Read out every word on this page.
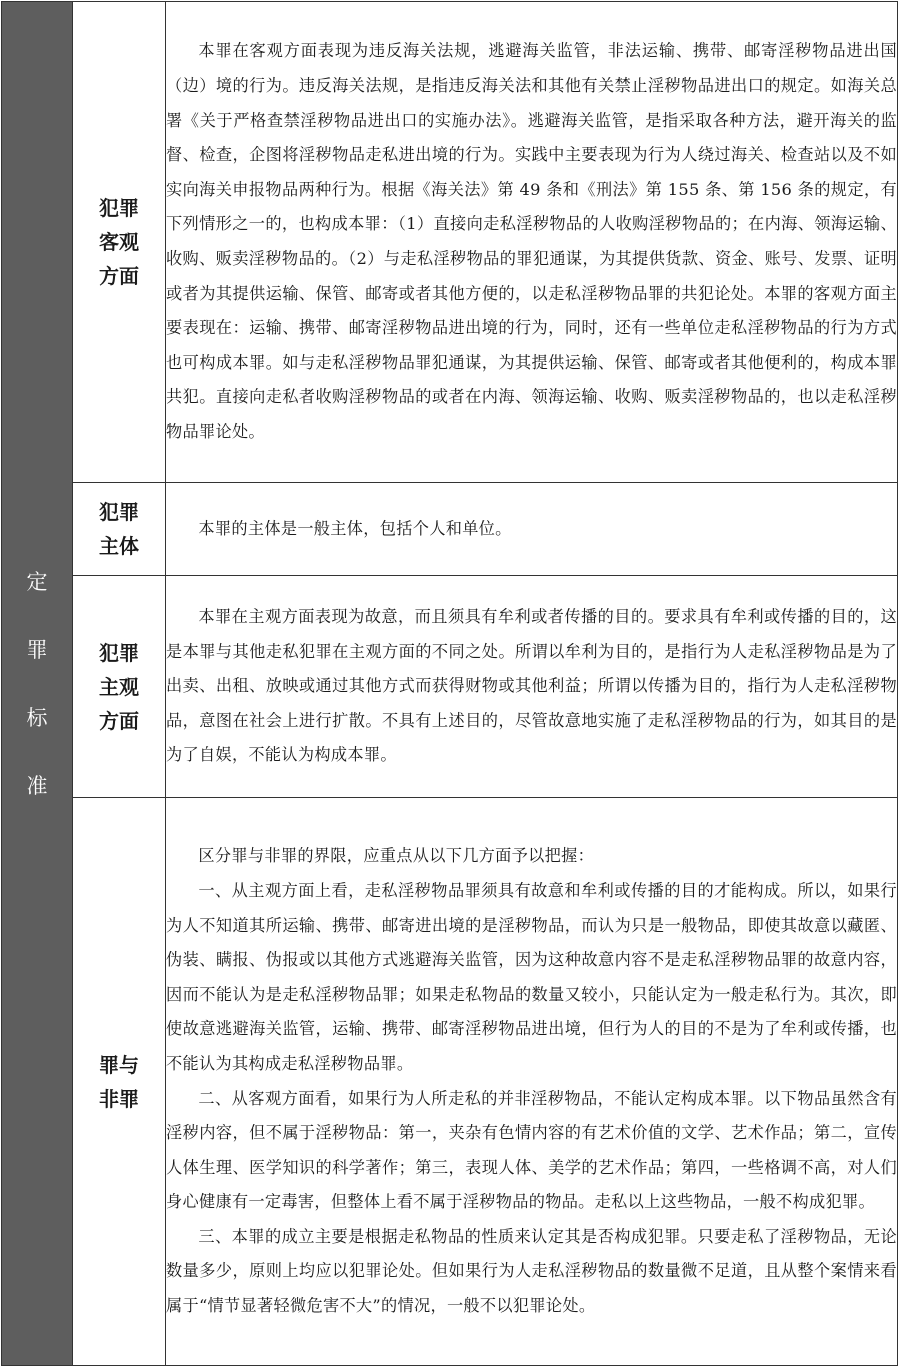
定罪标准	犯罪客观方面	本罪在客观方面表现为违反海关法规，逃避海关监管，非法运输、携带、邮寄淫秽物品进出国（边）境的行为。违反海关法规，是指违反海关法和其他有关禁止淫秽物品进出口的规定。如海关总署《关于严格查禁淫秽物品进出口的实施办法》。逃避海关监管，是指采取各种方法，避开海关的监督、检查，企图将淫秽物品走私进出境的行为。实践中主要表现为行为人绕过海关、检查站以及不如实向海关申报物品两种行为。根据《海关法》第 49 条和《刑法》第 155 条、第 156 条的规定，有下列情形之一的，也构成本罪：（1）直接向走私淫秽物品的人收购淫秽物品的；在内海、领海运输、收购、贩卖淫秽物品的。（2）与走私淫秽物品的罪犯通谋，为其提供货款、资金、账号、发票、证明或者为其提供运输、保管、邮寄或者其他方便的，以走私淫秽物品罪的共犯论处。本罪的客观方面主要表现在：运输、携带、邮寄淫秽物品进出境的行为，同时，还有一些单位走私淫秽物品的行为方式也可构成本罪。如与走私淫秽物品罪犯通谋，为其提供运输、保管、邮寄或者其他便利的，构成本罪共犯。直接向走私者收购淫秽物品的或者在内海、领海运输、收购、贩卖淫秽物品的，也以走私淫秽物品罪论处。

	犯罪主体	本罪的主体是一般主体，包括个人和单位。

	犯罪主观方面	本罪在主观方面表现为故意，而且须具有牟利或者传播的目的。要求具有牟利或传播的目的，这是本罪与其他走私犯罪在主观方面的不同之处。所谓以牟利为目的，是指行为人走私淫秽物品是为了出卖、出租、放映或通过其他方式而获得财物或其他利益；所谓以传播为目的，指行为人走私淫秽物品，意图在社会上进行扩散。不具有上述目的，尽管故意地实施了走私淫秽物品的行为，如其目的是为了自娱，不能认为构成本罪。

	罪与非罪	区分罪与非罪的界限，应重点从以下几方面予以把握：

一、从主观方面上看，走私淫秽物品罪须具有故意和牟利或传播的目的才能构成。所以，如果行为人不知道其所运输、携带、邮寄进出境的是淫秽物品，而认为只是一般物品，即使其故意以藏匿、伪装、瞒报、伪报或以其他方式逃避海关监管，因为这种故意内容不是走私淫秽物品罪的故意内容，因而不能认为是走私淫秽物品罪；如果走私物品的数量又较小，只能认定为一般走私行为。其次，即使故意逃避海关监管，运输、携带、邮寄淫秽物品进出境，但行为人的目的不是为了牟利或传播，也不能认为其构成走私淫秽物品罪。

二、从客观方面看，如果行为人所走私的并非淫秽物品，不能认定构成本罪。以下物品虽然含有淫秽内容，但不属于淫秽物品：第一，夹杂有色情内容的有艺术价值的文学、艺术作品；第二，宣传人体生理、医学知识的科学著作；第三，表现人体、美学的艺术作品；第四，一些格调不高，对人们身心健康有一定毒害，但整体上看不属于淫秽物品的物品。走私以上这些物品，一般不构成犯罪。

三、本罪的成立主要是根据走私物品的性质来认定其是否构成犯罪。只要走私了淫秽物品，无论数量多少，原则上均应以犯罪论处。但如果行为人走私淫秽物品的数量微不足道，且从整个案情来看属于“情节显著轻微危害不大”的情况，一般不以犯罪论处。
